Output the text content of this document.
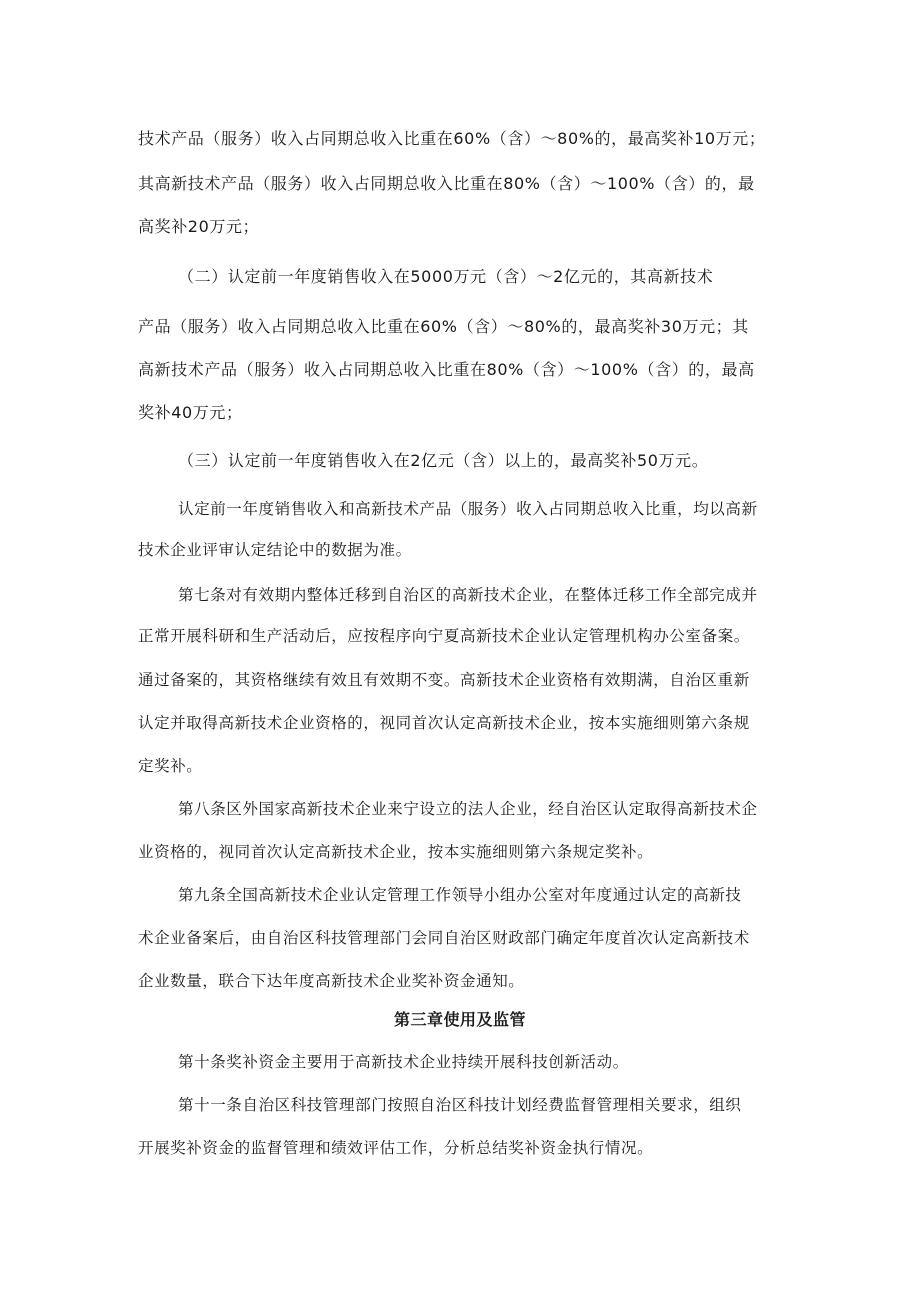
技术产品（服务）收入占同期总收入比重在60%（含）～80%的，最高奖补10万元；
其高新技术产品（服务）收入占同期总收入比重在80%（含）～100%（含）的，最
高奖补20万元；
（二）认定前一年度销售收入在5000万元（含）～2亿元的，其高新技术
产品（服务）收入占同期总收入比重在60%（含）～80%的，最高奖补30万元；其
高新技术产品（服务）收入占同期总收入比重在80%（含）～100%（含）的，最高
奖补40万元；
（三）认定前一年度销售收入在2亿元（含）以上的，最高奖补50万元。
认定前一年度销售收入和高新技术产品（服务）收入占同期总收入比重，均以高新
技术企业评审认定结论中的数据为准。
第七条对有效期内整体迁移到自治区的高新技术企业，在整体迁移工作全部完成并
正常开展科研和生产活动后，应按程序向宁夏高新技术企业认定管理机构办公室备案。
通过备案的，其资格继续有效且有效期不变。高新技术企业资格有效期满，自治区重新
认定并取得高新技术企业资格的，视同首次认定高新技术企业，按本实施细则第六条规
定奖补。
第八条区外国家高新技术企业来宁设立的法人企业，经自治区认定取得高新技术企
业资格的，视同首次认定高新技术企业，按本实施细则第六条规定奖补。
第九条全国高新技术企业认定管理工作领导小组办公室对年度通过认定的高新技
术企业备案后，由自治区科技管理部门会同自治区财政部门确定年度首次认定高新技术
企业数量，联合下达年度高新技术企业奖补资金通知。
第三章使用及监管
第十条奖补资金主要用于高新技术企业持续开展科技创新活动。
第十一条自治区科技管理部门按照自治区科技计划经费监督管理相关要求，组织
开展奖补资金的监督管理和绩效评估工作，分析总结奖补资金执行情况。
